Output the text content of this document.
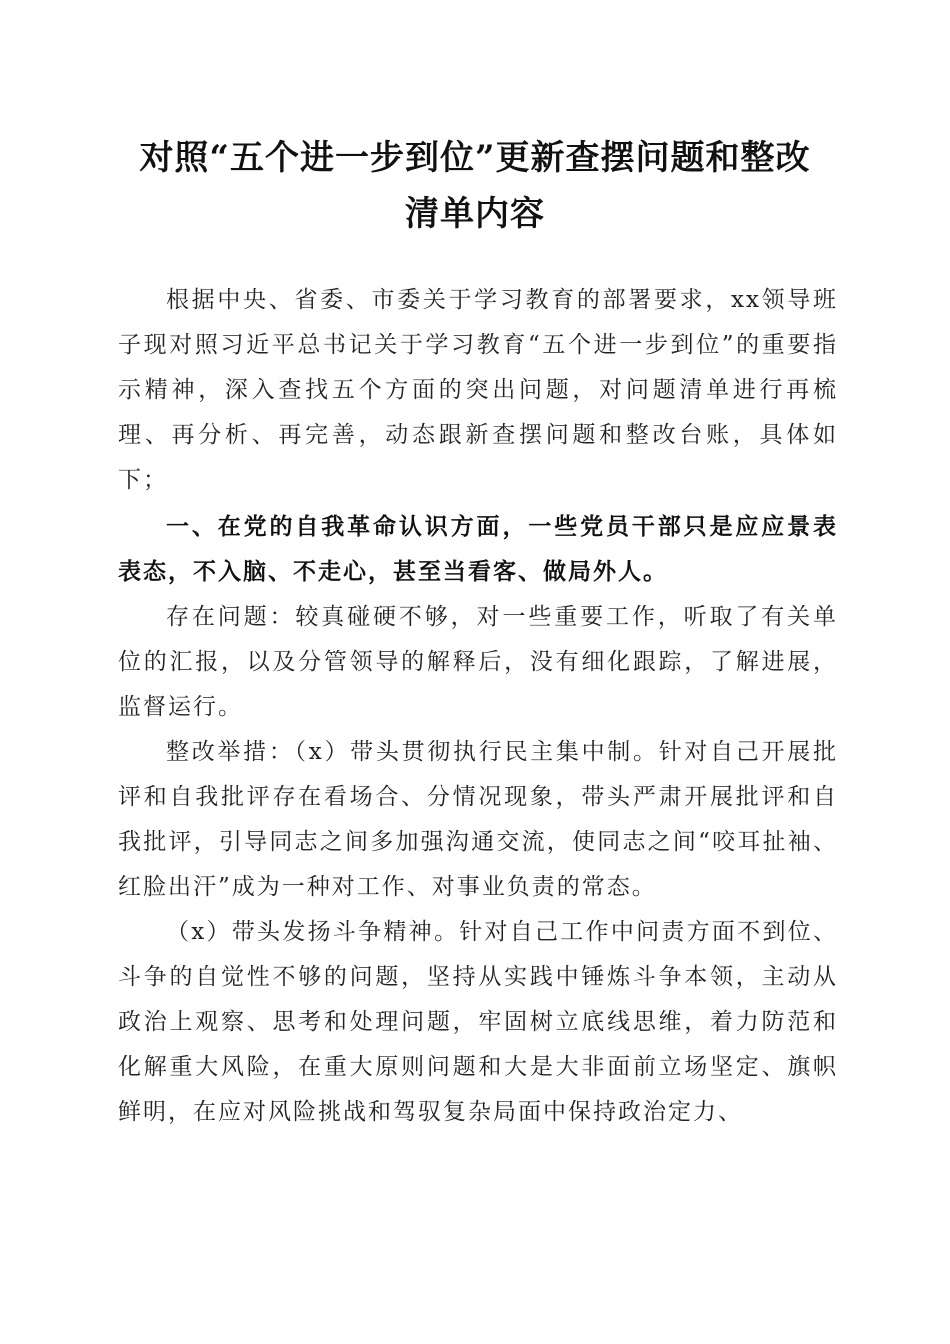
对照“五个进一步到位”更新查摆问题和整改
清单内容

根据中央、省委、市委关于学习教育的部署要求，xx领导班子现对照习近平总书记关于学习教育“五个进一步到位”的重要指示精神，深入查找五个方面的突出问题，对问题清单进行再梳理、再分析、再完善，动态跟新查摆问题和整改台账，具体如下；

一、在党的自我革命认识方面，一些党员干部只是应应景表表态，不入脑、不走心，甚至当看客、做局外人。

存在问题：较真碰硬不够，对一些重要工作，听取了有关单位的汇报，以及分管领导的解释后，没有细化跟踪，了解进展，监督运行。

整改举措：（x）带头贯彻执行民主集中制。针对自己开展批评和自我批评存在看场合、分情况现象，带头严肃开展批评和自我批评，引导同志之间多加强沟通交流，使同志之间“咬耳扯袖、红脸出汗”成为一种对工作、对事业负责的常态。

（x）带头发扬斗争精神。针对自己工作中问责方面不到位、斗争的自觉性不够的问题，坚持从实践中锤炼斗争本领，主动从政治上观察、思考和处理问题，牢固树立底线思维，着力防范和化解重大风险，在重大原则问题和大是大非面前立场坚定、旗帜鲜明，在应对风险挑战和驾驭复杂局面中保持政治定力、
